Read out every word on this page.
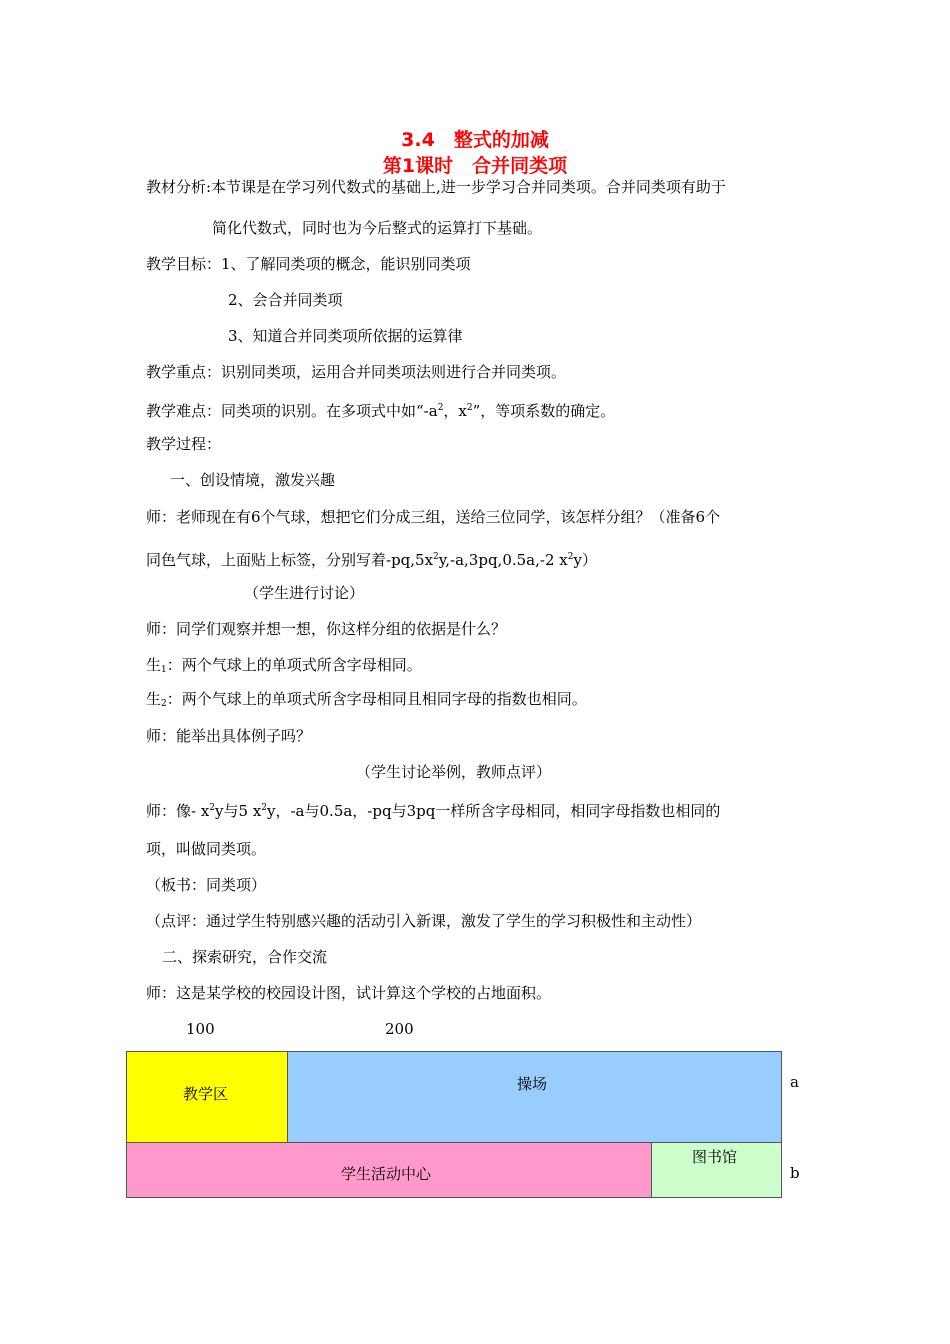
3.4　整式的加减
第1课时　合并同类项
教材分析:本节课是在学习列代数式的基础上,进一步学习合并同类项。合并同类项有助于
简化代数式，同时也为今后整式的运算打下基础。
教学目标：1、了解同类项的概念，能识别同类项
2、会合并同类项
3、知道合并同类项所依据的运算律
教学重点：识别同类项，运用合并同类项法则进行合并同类项。
教学难点：同类项的识别。在多项式中如“$-a^2$，$x^2$”，等项系数的确定。
教学过程：
一、创设情境，激发兴趣
师：老师现在有6个气球，想把它们分成三组，送给三位同学，该怎样分组？（准备6个
同色气球，上面贴上标签，分别写着$-pq,5x^2y,-a,3pq,0.5a,-2$ $x^2y$）
（学生进行讨论）
师：同学们观察并想一想，你这样分组的依据是什么？
生1：两个气球上的单项式所含字母相同。
生2：两个气球上的单项式所含字母相同且相同字母的指数也相同。
师：能举出具体例子吗？
（学生讨论举例，教师点评）
师：像- $x^2y$与5 $x^2y$，-a与0.5a，-pq与3pq一样所含字母相同，相同字母指数也相同的
项，叫做同类项。
（板书：同类项）
（点评：通过学生特别感兴趣的活动引入新课，激发了学生的学习积极性和主动性）
二、探索研究，合作交流
师：这是某学校的校园设计图，试计算这个学校的占地面积。
100	200
a
b
教学区
操场
学生活动中心
图书馆
